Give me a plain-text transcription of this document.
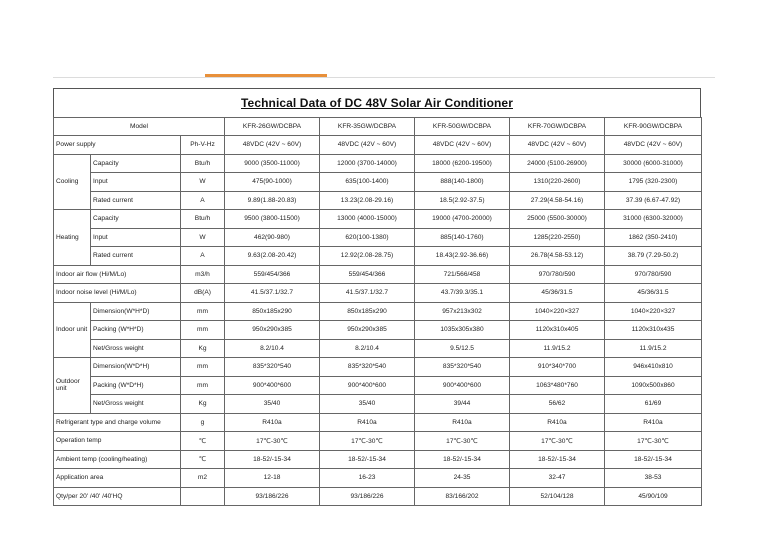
Technical Data of DC 48V Solar Air Conditioner
Model			KFR-26GW/DCBPA	KFR-35GW/DCBPA	KFR-50GW/DCBPA	KFR-70GW/DCBPA	KFR-90GW/DCBPA
Power supply		Ph-V-Hz	48VDC (42V ~ 60V)	48VDC (42V ~ 60V)	48VDC (42V ~ 60V)	48VDC (42V ~ 60V)	48VDC (42V ~ 60V)
Cooling	Capacity	Btu/h	9000 (3500-11000)	12000 (3700-14000)	18000 (6200-19500)	24000 (5100-26900)	30000 (6000-31000)
	Input	W	475(90-1000)	635(100-1400)	888(140-1800)	1310(220-2600)	1795 (320-2300)
	Rated current	A	9.89(1.88-20.83)	13.23(2.08-29.16)	18.5(2.92-37.5)	27.29(4.58-54.16)	37.39 (6.67-47.92)
Heating	Capacity	Btu/h	9500 (3800-11500)	13000 (4000-15000)	19000 (4700-20000)	25000 (5500-30000)	31000 (6300-32000)
	Input	W	462(90-980)	620(100-1380)	885(140-1760)	1285(220-2550)	1862 (350-2410)
	Rated current	A	9.63(2.08-20.42)	12.92(2.08-28.75)	18.43(2.92-36.66)	26.78(4.58-53.12)	38.79 (7.29-50.2)
Indoor air flow (Hi/M/Lo)		m3/h	559/454/366	559/454/366	721/566/458	970/780/590	970/780/590
Indoor noise level (Hi/M/Lo)		dB(A)	41.5/37.1/32.7	41.5/37.1/32.7	43.7/39.3/35.1	45/36/31.5	45/36/31.5
Indoor unit	Dimension(W*H*D)	mm	850x185x290	850x185x290	957x213x302	1040×220×327	1040×220×327
	Packing (W*H*D)	mm	950x290x385	950x290x385	1035x305x380	1120x310x405	1120x310x435
	Net/Gross weight	Kg	8.2/10.4	8.2/10.4	9.5/12.5	11.9/15.2	11.9/15.2

Outdoor
unit	Dimension(W*D*H)	mm	835*320*540	835*320*540	835*320*540	910*340*700	946x410x810
	Packing (W*D*H)	mm	900*400*600	900*400*600	900*400*600	1063*480*760	1090x500x860
	Net/Gross weight	Kg	35/40	35/40	39/44	56/62	61/69
Refrigerant type and charge volume		g	R410a	R410a	R410a	R410a	R410a
Operation temp		℃	17℃-30℃	17℃-30℃	17℃-30℃	17℃-30℃	17℃-30℃
Ambient temp (cooling/heating)		℃	18-52/-15-34	18-52/-15-34	18-52/-15-34	18-52/-15-34	18-52/-15-34
Application area		m2	12-18	16-23	24-35	32-47	38-53
Qty/per 20' /40' /40'HQ			93/186/226	93/186/226	83/166/202	52/104/128	45/90/109
